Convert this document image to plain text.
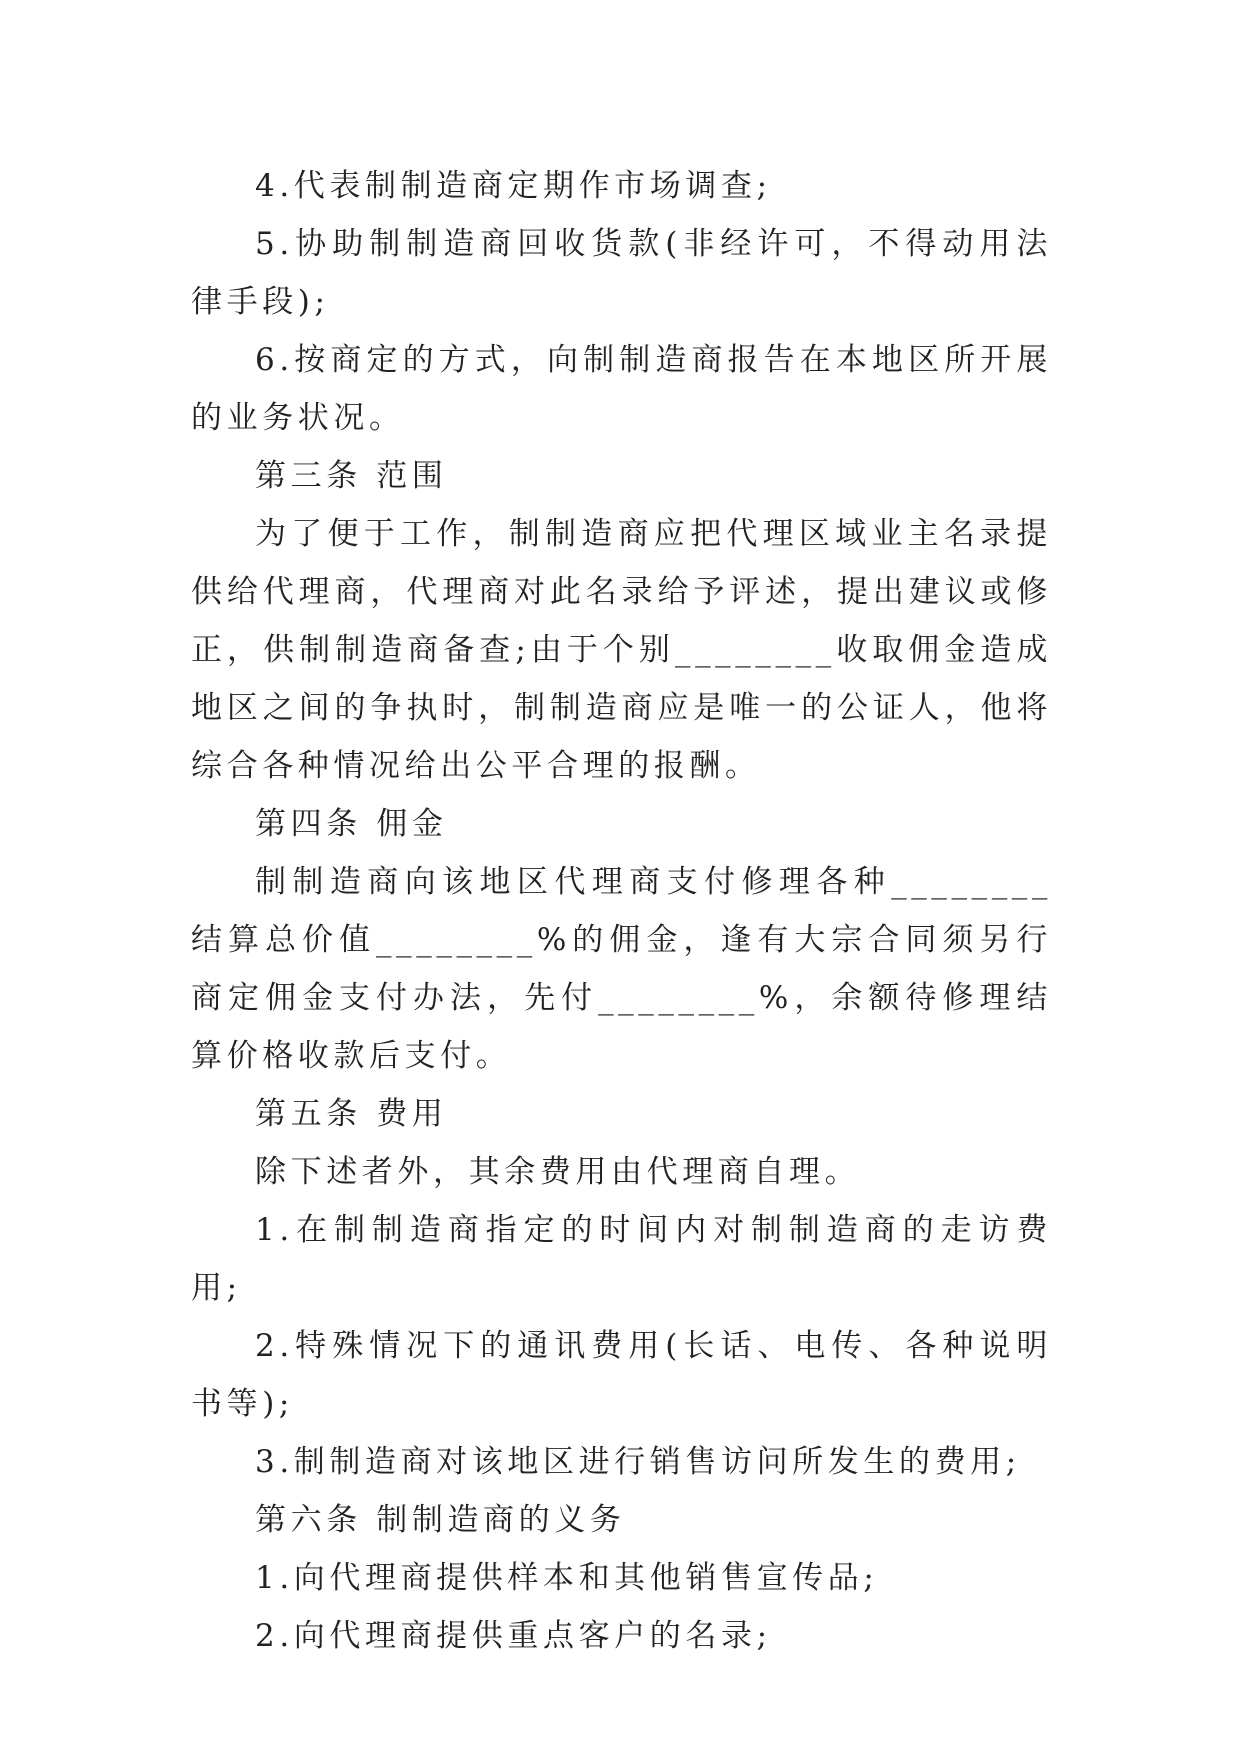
4.代表制制造商定期作市场调查;

5.协助制制造商回收货款(非经许可，不得动用法律手段);

6.按商定的方式，向制制造商报告在本地区所开展的业务状况。

第三条 范围

为了便于工作，制制造商应把代理区域业主名录提供给代理商，代理商对此名录给予评述，提出建议或修正，供制制造商备查;由于个别________收取佣金造成地区之间的争执时，制制造商应是唯一的公证人，他将综合各种情况给出公平合理的报酬。

第四条 佣金

制制造商向该地区代理商支付修理各种________结算总价值________%的佣金，逢有大宗合同须另行商定佣金支付办法，先付________%，余额待修理结算价格收款后支付。

第五条 费用

除下述者外，其余费用由代理商自理。

1.在制制造商指定的时间内对制制造商的走访费用;

2.特殊情况下的通讯费用(长话、电传、各种说明书等);

3.制制造商对该地区进行销售访问所发生的费用;

第六条 制制造商的义务

1.向代理商提供样本和其他销售宣传品;

2.向代理商提供重点客户的名录;
